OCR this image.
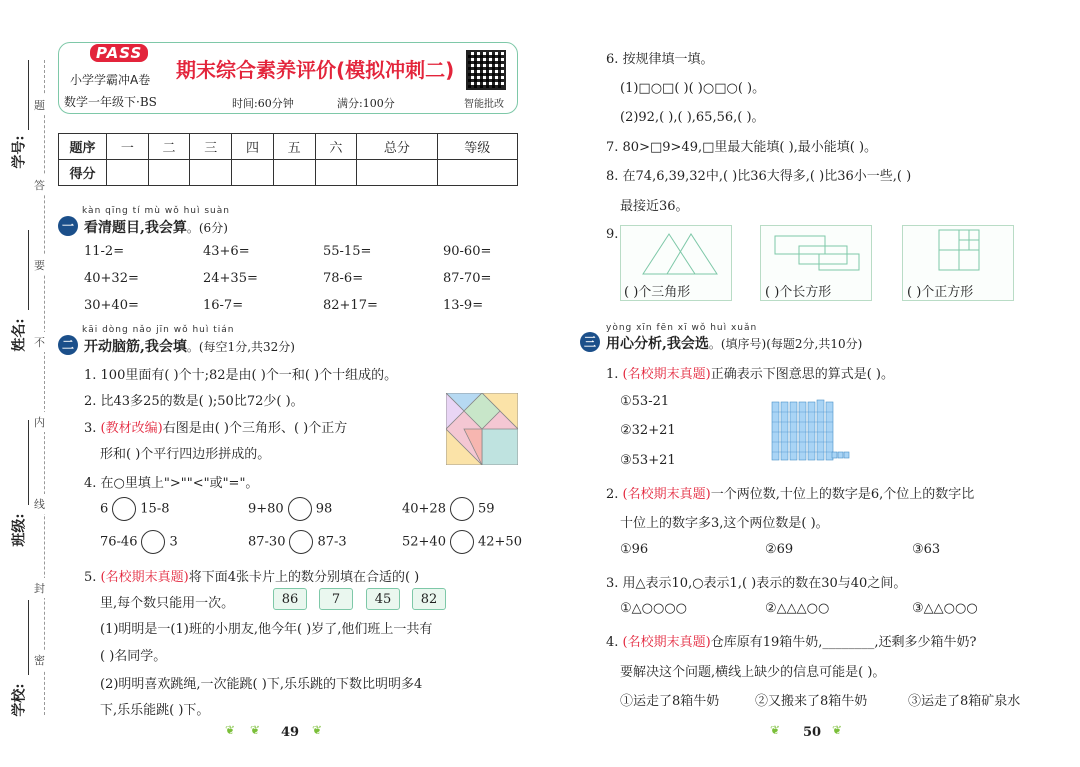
题
答
要
不
内
线
封
密
学号:
姓名:
班级:
学校:
PASS
小学学霸冲A卷
数学一年级下·BS
期末综合素养评价(模拟冲刺二)
时间:60分钟	满分:100分	智能批改
题序	一	二	三	四	五	六	总分	等级
得分								
kàn qīng tí mù wǒ huì suàn
一 看清题目,我会算。(6分)
11-2=	43+6=	55-15=	90-60=
40+32=	24+35=	78-6=	87-70=
30+40=	16-7=	82+17=	13-9=
kāi dòng nǎo jīn wǒ huì tián
二 开动脑筋,我会填。(每空1分,共32分)
1. 100里面有( )个十;82是由( )个一和( )个十组成的。
2. 比43多25的数是( );50比72少( )。
3. (教材改编)右图是由( )个三角形、( )个正方
形和( )个平行四边形拼成的。
4. 在○里填上">""<"或"="。
6 15-8	9+80 98	40+28 59
76-46 3	87-30 87-3	52+40 42+50
5. (名校期末真题)将下面4张卡片上的数分别填在合适的( )
里,每个数只能用一次。	86	7	45	82
(1)明明是一(1)班的小朋友,他今年( )岁了,他们班上一共有
( )名同学。
(2)明明喜欢跳绳,一次能跳( )下,乐乐跳的下数比明明多4
下,乐乐能跳( )下。
6. 按规律填一填。
(1)□○□( )( )○□○( )。
(2)92,( ),( ),65,56,( )。
7. 80>□9>49,□里最大能填( ),最小能填( )。
8. 在74,6,39,32中,( )比36大得多,( )比36小一些,( )
最接近36。
9.
( )个三角形	( )个长方形	( )个正方形
yòng xīn fēn xī wǒ huì xuǎn
三 用心分析,我会选。(填序号)(每题2分,共10分)
1. (名校期末真题)正确表示下图意思的算式是( )。
①53-21
②32+21
③53+21
2. (名校期末真题)一个两位数,十位上的数字是6,个位上的数字比
十位上的数字多3,这个两位数是( )。
①96	②69	③63
3. 用△表示10,○表示1,( )表示的数在30与40之间。
①△○○○○	②△△△○○	③△△○○○
4. (名校期末真题)仓库原有19箱牛奶,________,还剩多少箱牛奶?
要解决这个问题,横线上缺少的信息可能是( )。
①运走了8箱牛奶	②又搬来了8箱牛奶	③运走了8箱矿泉水
❦ ❦ 49 ❦	❦ 50 ❦
